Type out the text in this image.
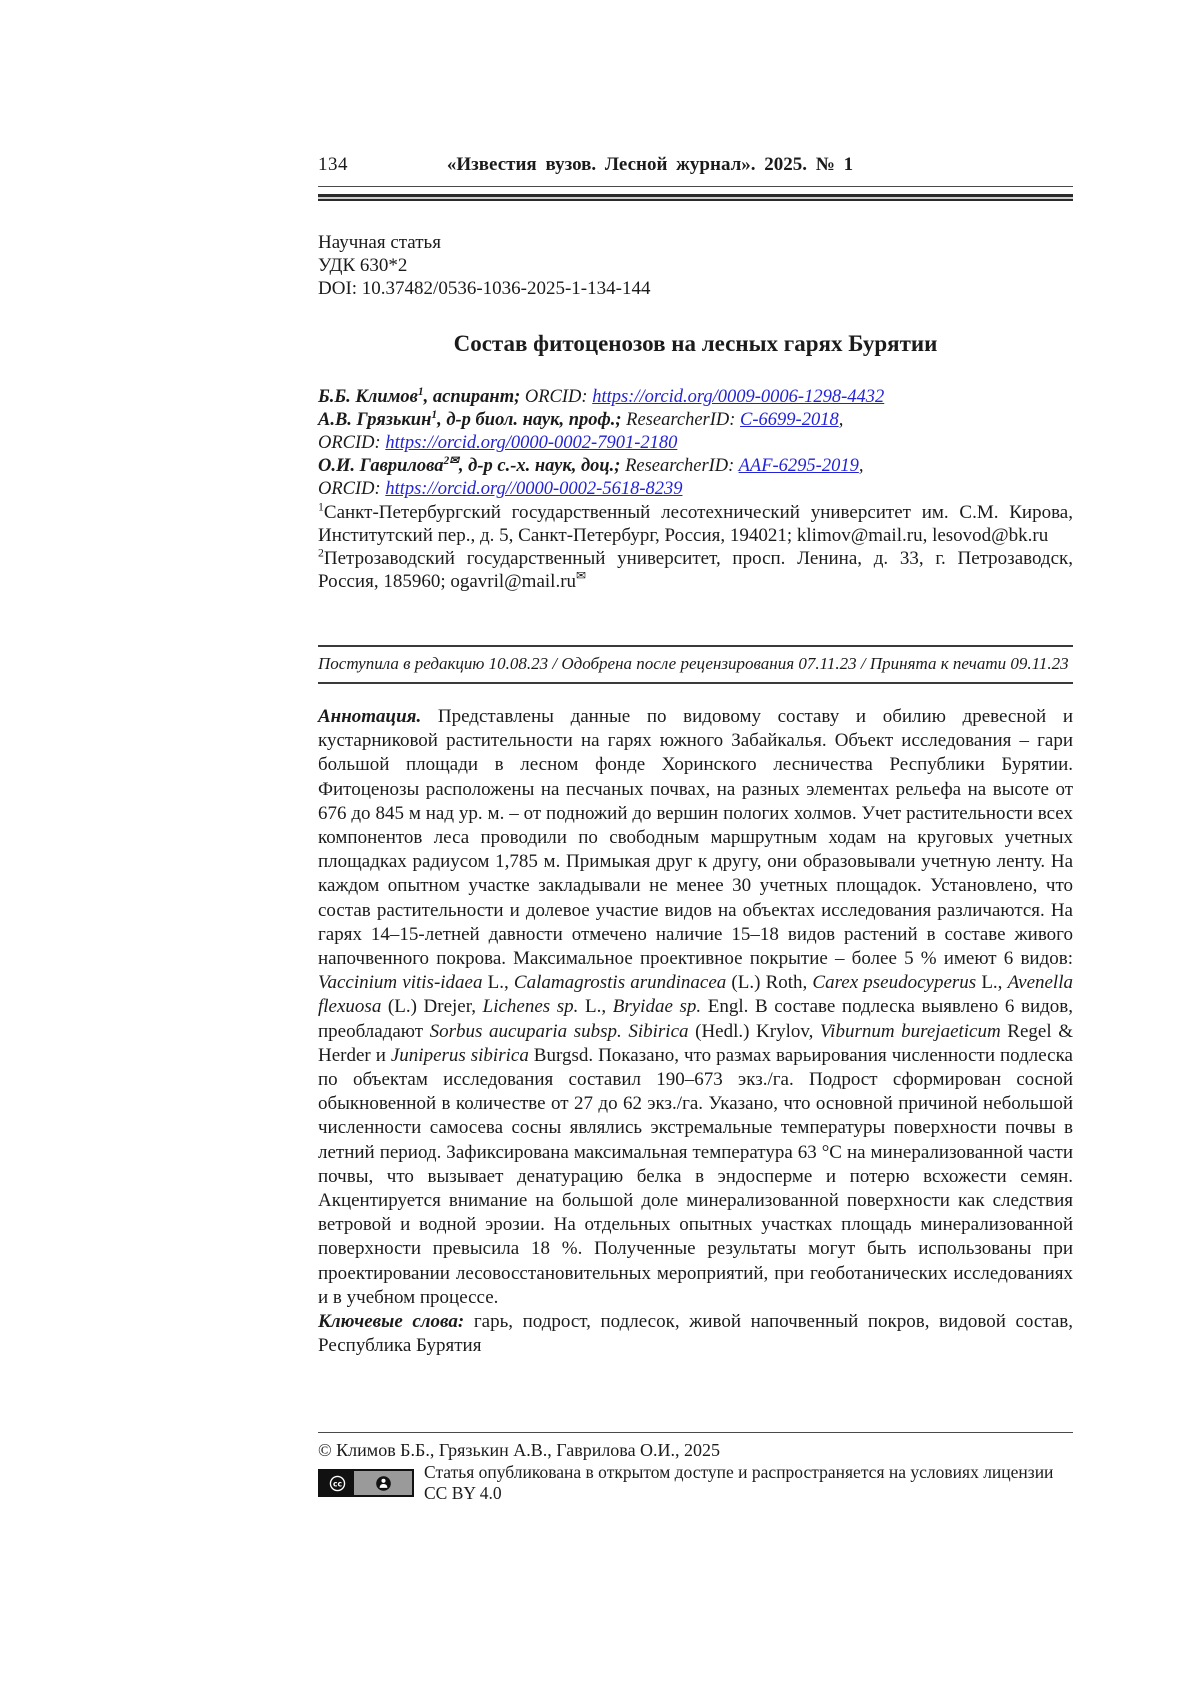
134	«Известия вузов. Лесной журнал». 2025. № 1
Научная статья
УДК 630*2
DOI: 10.37482/0536-1036-2025-1-134-144
Состав фитоценозов на лесных гарях Бурятии
Б.Б. Климов$^1$, аспирант; ORCID: https://orcid.org/0009-0006-1298-4432
А.В. Грязькин$^1$, д-р биол. наук, проф.; ResearcherID: C-6699-2018,
ORCID: https://orcid.org/0000-0002-7901-2180
О.И. Гаврилова$^{2✉}$, д-р с.-х. наук, доц.; ResearcherID: AAF-6295-2019,
ORCID: https://orcid.org//0000-0002-5618-8239
$^1$Санкт-Петербургский государственный лесотехнический университет им. С.М. Кирова, Институтский пер., д. 5, Санкт-Петербург, Россия, 194021; klimov@mail.ru, lesovod@bk.ru
$^2$Петрозаводский государственный университет, просп. Ленина, д. 33, г. Петрозаводск, Россия, 185960; ogavril@mail.ru✉
Поступила в редакцию 10.08.23 / Одобрена после рецензирования 07.11.23 / Принята к печати 09.11.23

Аннотация. Представлены данные по видовому составу и обилию древесной и кустарниковой растительности на гарях южного Забайкалья. Объект исследования – гари большой площади в лесном фонде Хоринского лесничества Республики Бурятии. Фитоценозы расположены на песчаных почвах, на разных элементах рельефа на высоте от 676 до 845 м над ур. м. – от подножий до вершин пологих холмов. Учет растительности всех компонентов леса проводили по свободным маршрутным ходам на круговых учетных площадках радиусом 1,785 м. Примыкая друг к другу, они образовывали учетную ленту. На каждом опытном участке закладывали не менее 30 учетных площадок. Установлено, что состав растительности и долевое участие видов на объектах исследования различаются. На гарях 14–15-летней давности отмечено наличие 15–18 видов растений в составе живого напочвенного покрова. Максимальное проективное покрытие – более 5 % имеют 6 видов: Vaccinium vitis-idaea L., Calamagrostis arundinacea (L.) Roth, Carex pseudocyperus L., Avenella flexuosa (L.) Drejer, Lichenes sp. L., Bryidae sp. Engl. В составе подлеска выявлено 6 видов, преобладают Sorbus aucuparia subsp. Sibirica (Hedl.) Krylov, Viburnum burejaeticum Regel & Herder и Juniperus sibirica Burgsd. Показано, что размах варьирования численности подлеска по объектам исследования составил 190–673 экз./га. Подрост сформирован сосной обыкновенной в количестве от 27 до 62 экз./га. Указано, что основной причиной небольшой численности самосева сосны являлись экстремальные температуры поверхности почвы в летний период. Зафиксирована максимальная температура 63 °С на минерализованной части почвы, что вызывает денатурацию белка в эндосперме и потерю всхожести семян. Акцентируется внимание на большой доле минерализованной поверхности как следствия ветровой и водной эрозии. На отдельных опытных участках площадь минерализованной поверхности превысила 18 %. Полученные результаты могут быть использованы при проектировании лесовосстановительных мероприятий, при геоботанических исследованиях и в учебном процессе.

Ключевые слова: гарь, подрост, подлесок, живой напочвенный покров, видовой состав, Республика Бурятия

© Климов Б.Б., Грязькин А.В., Гаврилова О.И., 2025
cc
Статья опубликована в открытом доступе и распространяется на условиях лицензии CC BY 4.0
